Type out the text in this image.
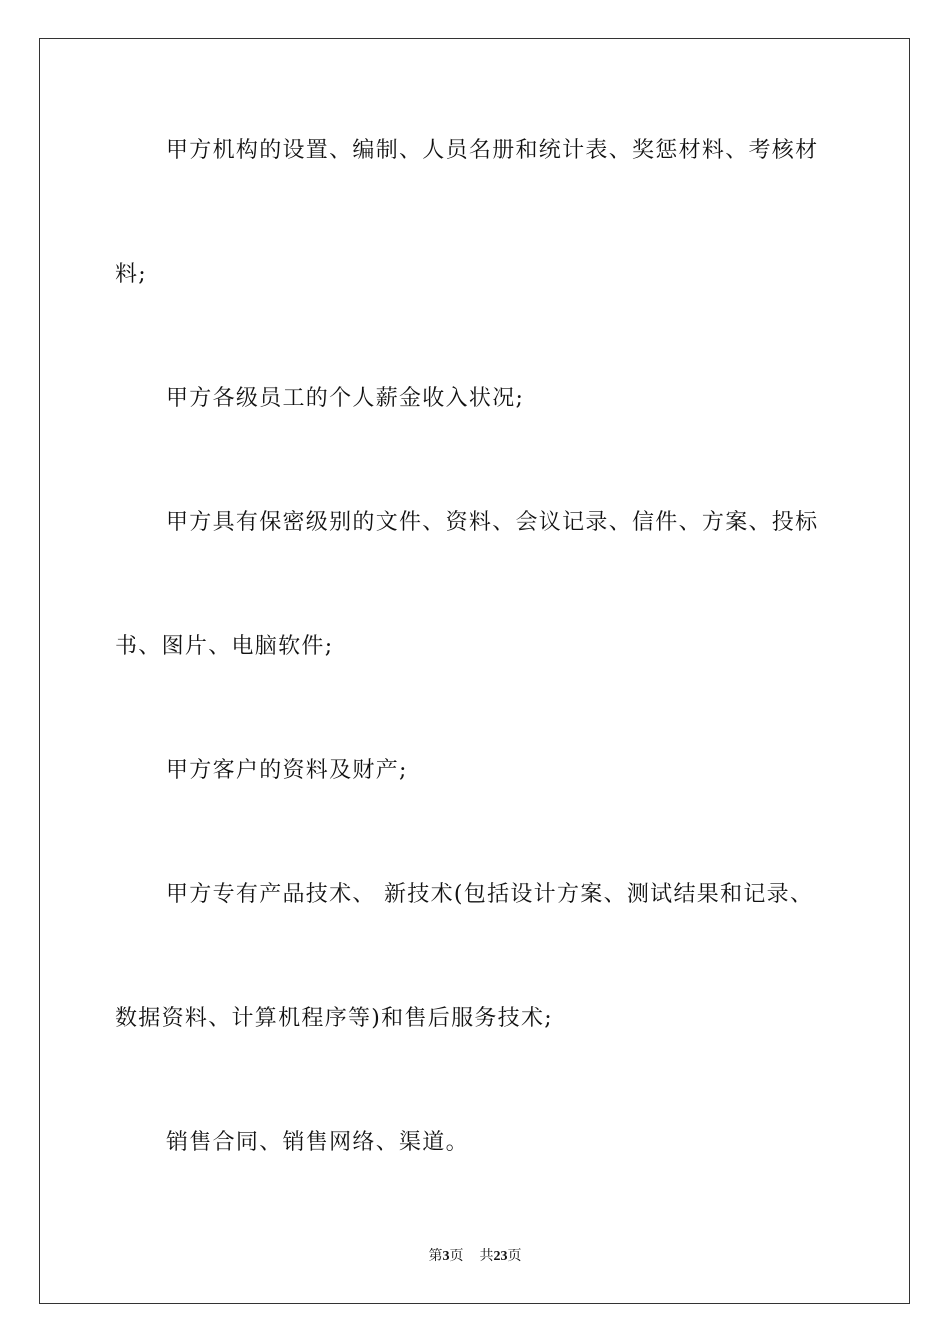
甲方机构的设置、编制、人员名册和统计表、奖惩材料、考核材
料;
甲方各级员工的个人薪金收入状况;
甲方具有保密级别的文件、资料、会议记录、信件、方案、投标
书、图片、电脑软件;
甲方客户的资料及财产;
甲方专有产品技术、 新技术(包括设计方案、测试结果和记录、
数据资料、计算机程序等)和售后服务技术;
销售合同、销售网络、渠道。
第3页 共23页
